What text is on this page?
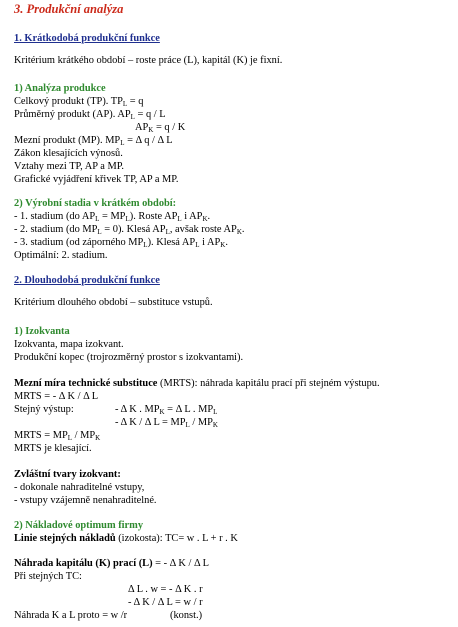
3. Produkční analýza
1. Krátkodobá produkční funkce
Kritérium krátkého období – roste práce (L), kapitál (K) je fixní.
1) Analýza produkce
Celkový produkt (TP). $TP_L = q$
Průměrný produkt (AP). $AP_L = q / L$
$AP_K = q / K$
Mezní produkt (MP). $MP_L = \Delta$ q / Δ L
Zákon klesajících výnosů.
Vztahy mezi TP, AP a MP.
Grafické vyjádření křivek TP, AP a MP.
2) Výrobní stadia v krátkém období:
- 1. stadium (do $AP_L = MP_L$). Roste $AP_L$ i $AP_K$.
- 2. stadium (do $MP_L = 0$). Klesá $AP_L$, avšak roste $AP_K$.
- 3. stadium (od záporného $MP_L$). Klesá $AP_L$ i $AP_K$.
Optimální: 2. stadium.
2. Dlouhodobá produkční funkce
Kritérium dlouhého období – substituce vstupů.
1) Izokvanta
Izokvanta, mapa izokvant.
Produkční kopec (trojrozměrný prostor s izokvantami).
Mezní míra technické substituce (MRTS): náhrada kapitálu prací při stejném výstupu.
MRTS = - Δ K / Δ L
Stejný výstup:	- Δ K . $MP_K = \Delta$ L . $MP_L$
- Δ K / Δ $L = MP_L / MP_K$
MRTS = $MP_L / MP_K$
MRTS je klesající.
Zvláštní tvary izokvant:
- dokonale nahraditelné vstupy,
- vstupy vzájemně nenahraditelné.
2) Nákladové optimum firmy
Linie stejných nákladů (izokosta): TC= w . L + r . K
Náhrada kapitálu (K) prací (L) = - Δ K / Δ L
Při stejných TC:
Δ L . w = - Δ K . r
- Δ K / Δ L = w / r
Náhrada K a L proto = w /r	(konst.)
